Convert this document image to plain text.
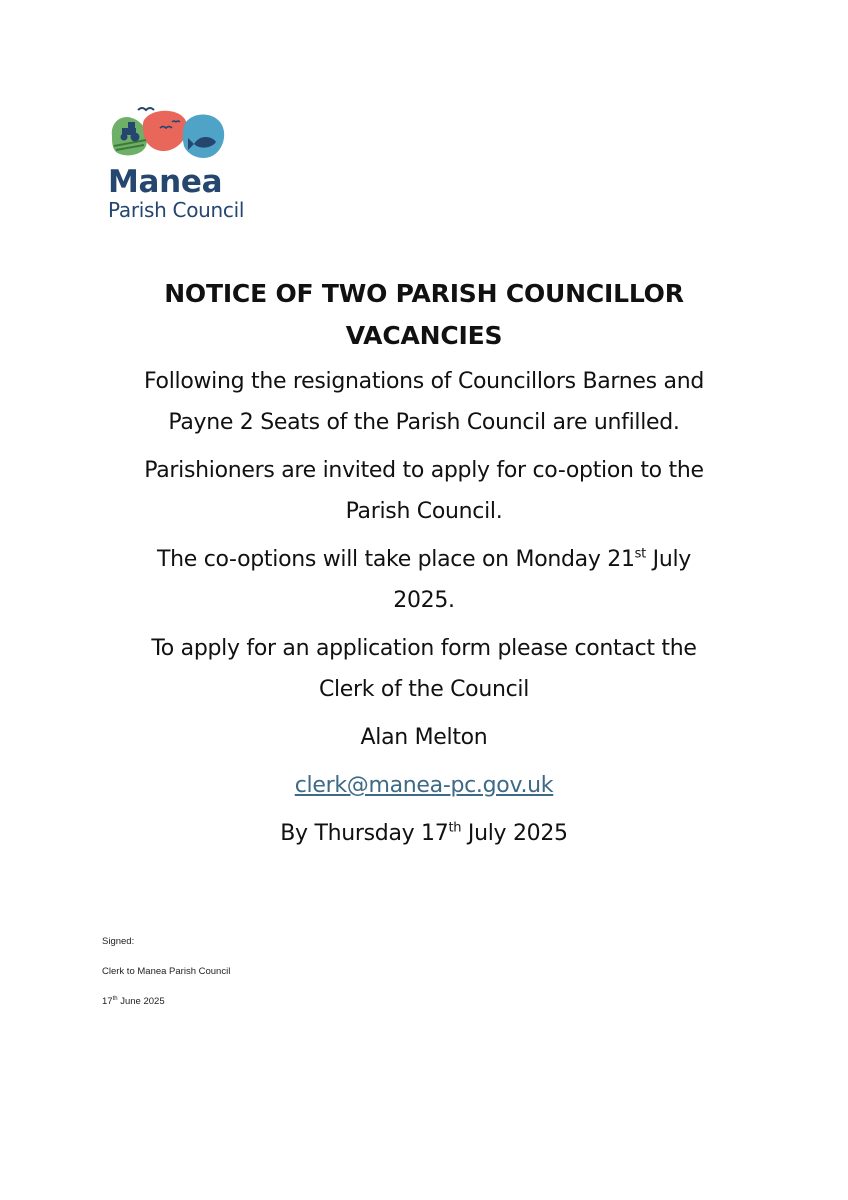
Manea
Parish Council
NOTICE OF TWO PARISH COUNCILLOR
VACANCIES

Following the resignations of Councillors Barnes and
Payne 2 Seats of the Parish Council are unfilled.

Parishioners are invited to apply for co-option to the
Parish Council.

The co-options will take place on Monday 21st July
2025.

To apply for an application form please contact the
Clerk of the Council

Alan Melton

clerk@manea-pc.gov.uk

By Thursday 17th July 2025

Signed:
Clerk to Manea Parish Council
17th June 2025
